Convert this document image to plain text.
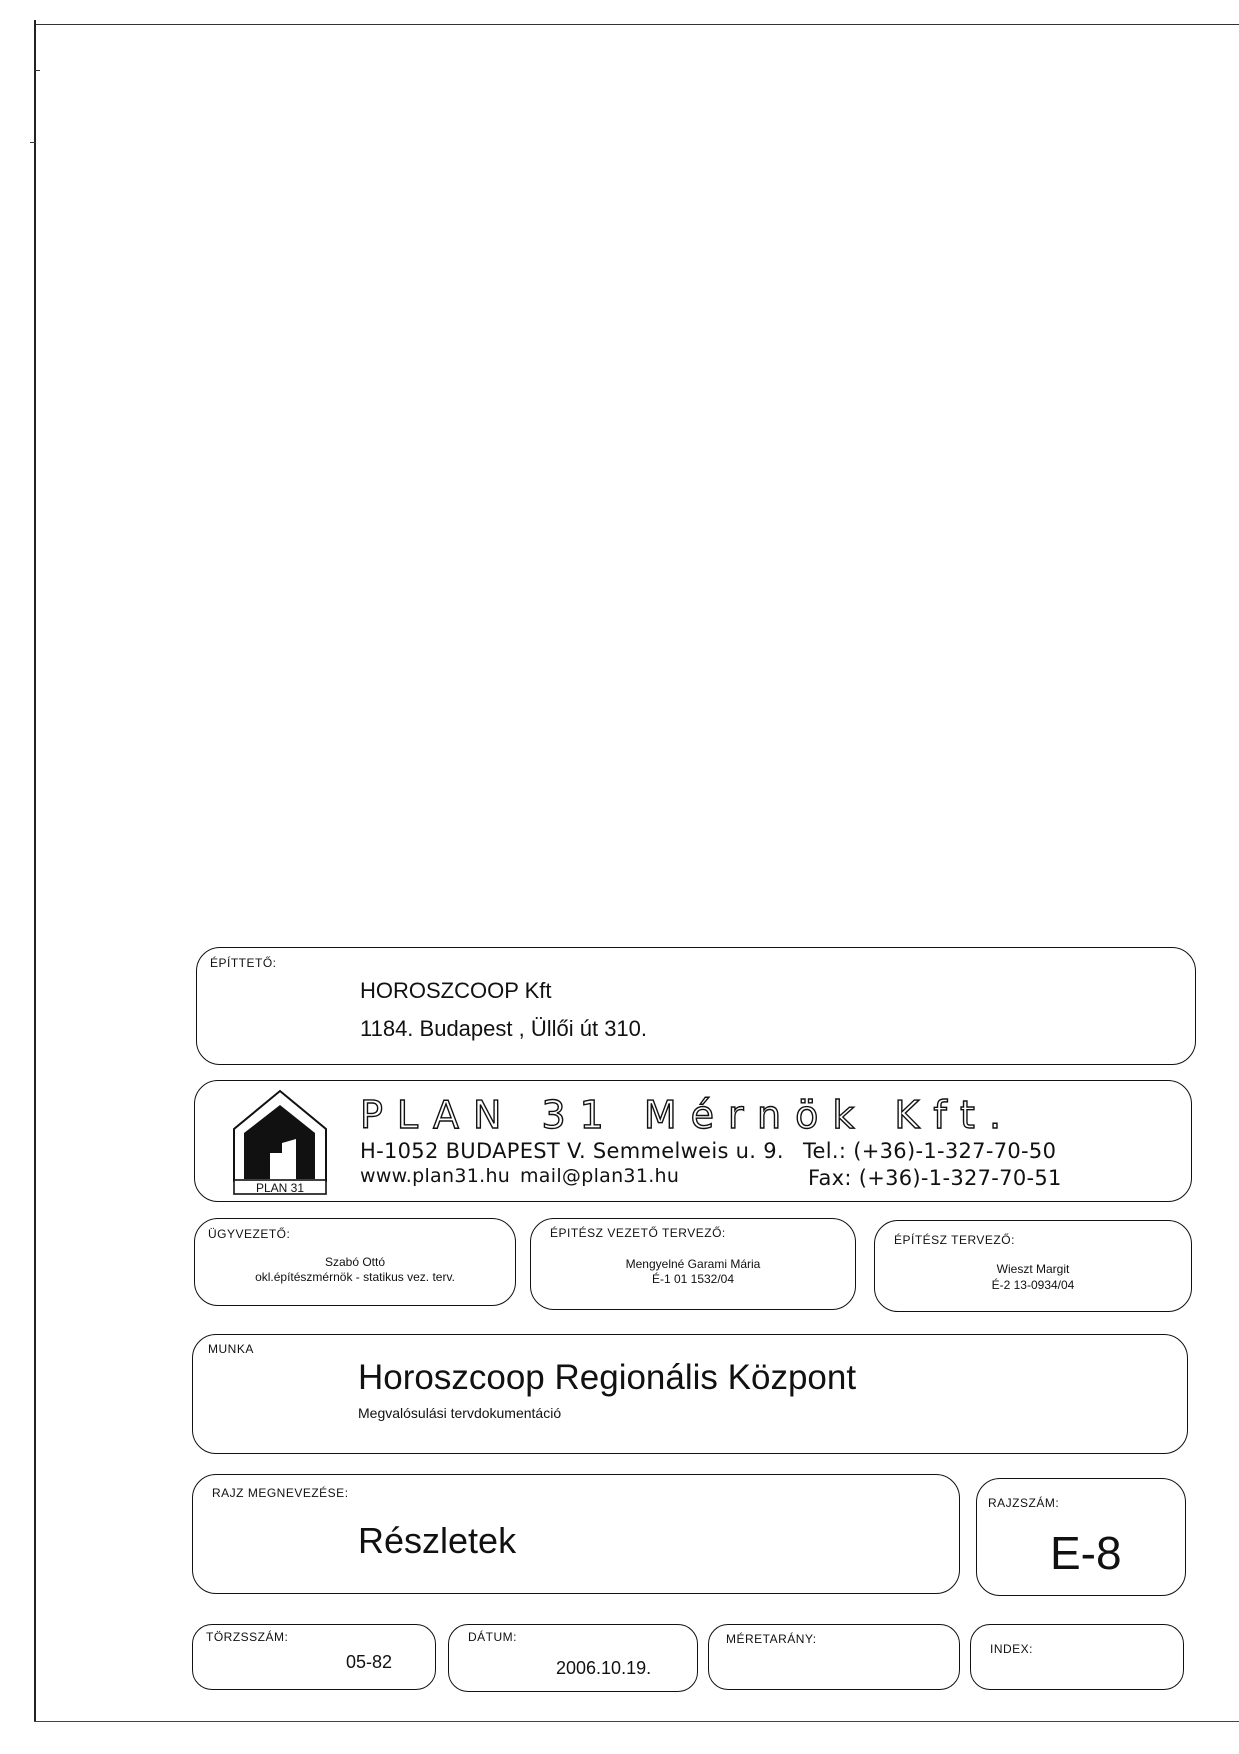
ÉPÍTTETŐ:
HOROSZCOOP Kft
1184. Budapest , Üllői út 310.
PLAN 31
PLAN 31 Mérnök Kft.
H-1052 BUDAPEST V. Semmelweis u. 9. Tel.: (+36)-1-327-70-50
www.plan31.hu mail@plan31.hu	Fax: (+36)-1-327-70-51
ÜGYVEZETŐ:
Szabó Ottó
okl.építészmérnök - statikus vez. terv.
ÉPITÉSZ VEZETŐ TERVEZŐ:
Mengyelné Garami Mária
É-1 01 1532/04
ÉPÍTÉSZ TERVEZŐ:
Wieszt Margit
É-2 13-0934/04
MUNKA
Horoszcoop Regionális Központ
Megvalósulási tervdokumentáció
RAJZ MEGNEVEZÉSE:
Részletek
RAJZSZÁM:
E-8
TÖRZSSZÁM:
05-82
DÁTUM:
2006.10.19.
MÉRETARÁNY:
INDEX:
